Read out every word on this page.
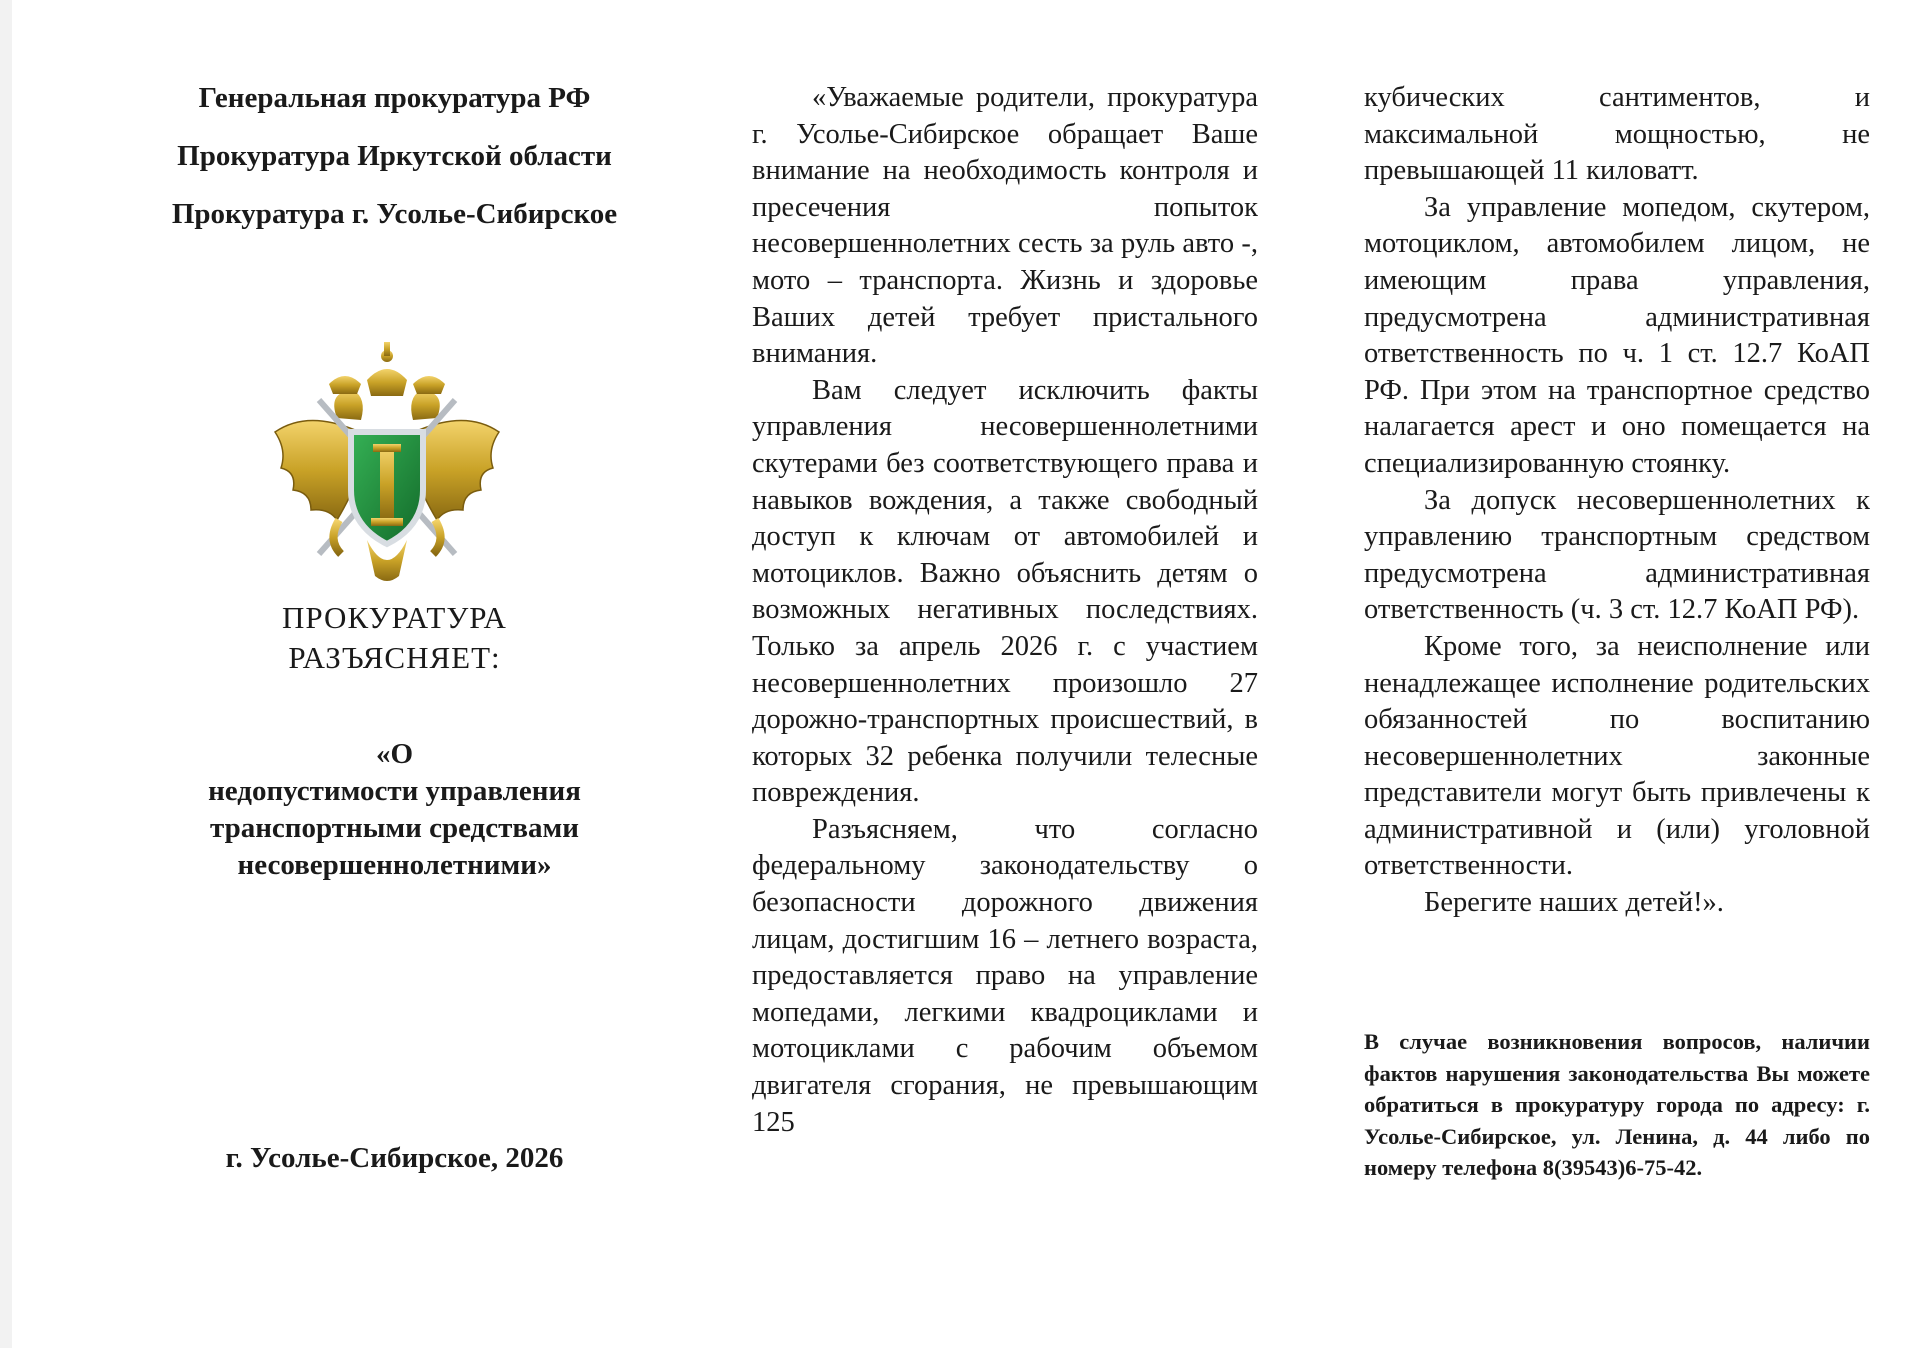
Генеральная прокуратура РФ
Прокуратура Иркутской области
Прокуратура г. Усолье-Сибирское
ПРОКУРАТУРА
РАЗЪЯСНЯЕТ:
«О
недопустимости управления
транспортными средствами
несовершеннолетними»
г. Усолье-Сибирское, 2026

«Уважаемые родители, прокуратура г. Усолье-Сибирское обращает Ваше внимание на необходимость контроля и пресечения попыток несовершеннолетних сесть за руль авто -, мото – транспорта. Жизнь и здоровье Ваших детей требует пристального внимания.

Вам следует исключить факты управления несовершеннолетними скутерами без соответствующего права и навыков вождения, а также свободный доступ к ключам от автомобилей и мотоциклов. Важно объяснить детям о возможных негативных последствиях. Только за апрель 2026 г. с участием несовершеннолетних произошло 27 дорожно-транспортных происшествий, в которых 32 ребенка получили телесные повреждения.

Разъясняем, что согласно федеральному законодательству о безопасности дорожного движения лицам, достигшим 16 – летнего возраста, предоставляется право на управление мопедами, легкими квадроциклами и мотоциклами с рабочим объемом двигателя сгорания, не превышающим 125

кубических сантиментов, и максимальной мощностью, не превышающей 11 киловатт.

За управление мопедом, скутером, мотоциклом, автомобилем лицом, не имеющим права управления, предусмотрена административная ответственность по ч. 1 ст. 12.7 КоАП РФ. При этом на транспортное средство налагается арест и оно помещается на специализированную стоянку.

За допуск несовершеннолетних к управлению транспортным средством предусмотрена административная ответственность (ч. 3 ст. 12.7 КоАП РФ).

Кроме того, за неисполнение или ненадлежащее исполнение родительских обязанностей по воспитанию несовершеннолетних законные представители могут быть привлечены к административной и (или) уголовной ответственности.

Берегите наших детей!».

В случае возникновения вопросов, наличии фактов нарушения законодательства Вы можете обратиться в прокуратуру города по адресу: г. Усолье-Сибирское, ул. Ленина, д. 44 либо по номеру телефона 8(39543)6-75-42.
